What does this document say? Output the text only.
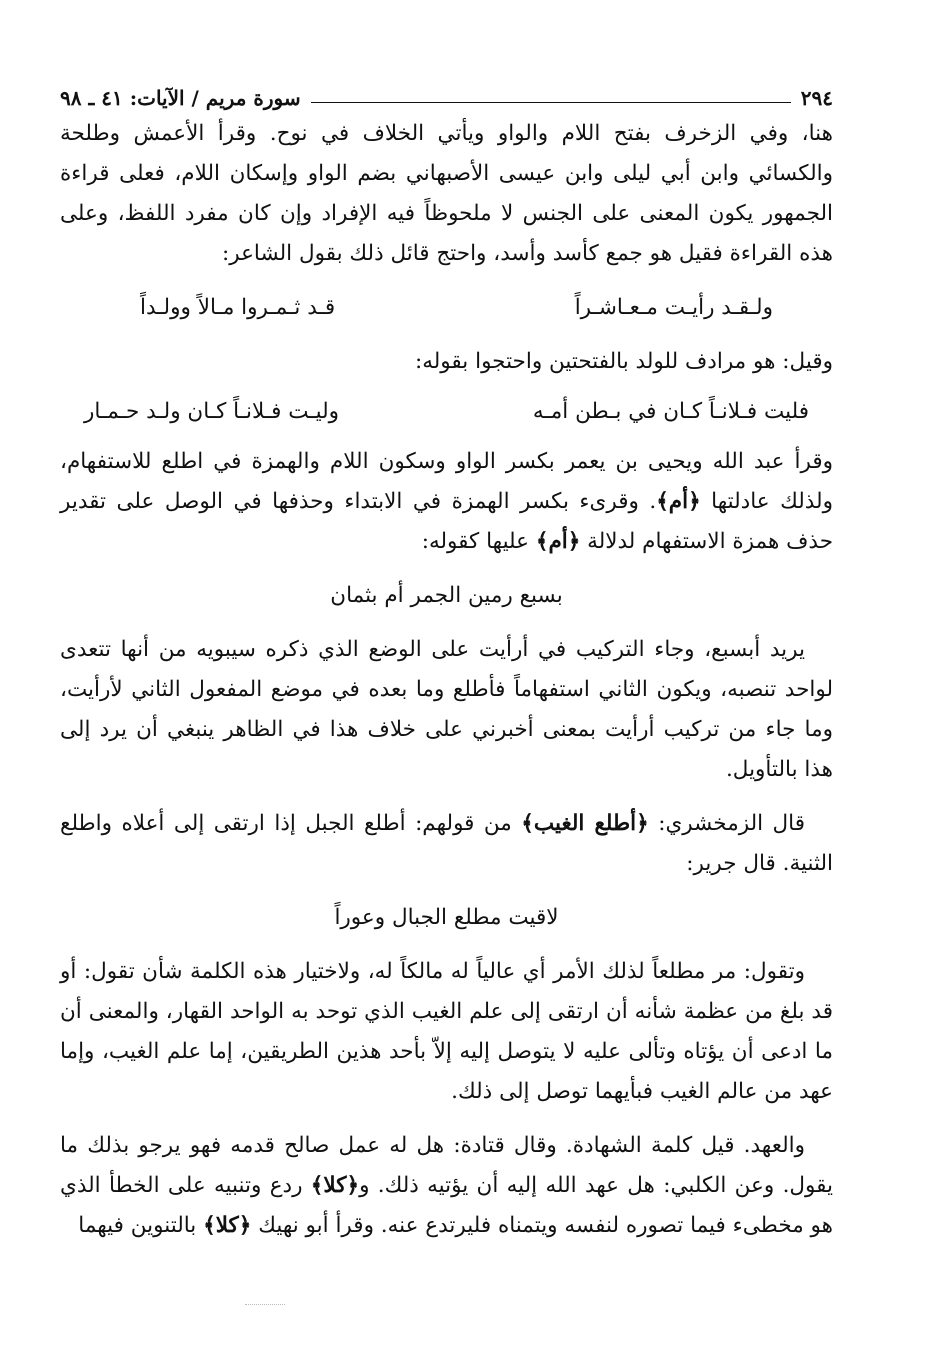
٢٩٤
سورة مريم / الآيات: ٤١ ـ ٩٨

هنا، وفي الزخرف بفتح اللام والواو ويأتي الخلاف في نوح. وقرأ الأعمش وطلحة والكسائي وابن أبي ليلى وابن عيسى الأصبهاني بضم الواو وإسكان اللام، فعلى قراءة الجمهور يكون المعنى على الجنس لا ملحوظاً فيه الإفراد وإن كان مفرد اللفظ، وعلى هذه القراءة فقيل هو جمع كأسد وأسد، واحتج قائل ذلك بقول الشاعر:

ولـقـد رأيـت مـعـاشـراً
قـد ثـمـروا مـالاً وولـداً

وقيل: هو مرادف للولد بالفتحتين واحتجوا بقوله:

فليت فـلانـاً كـان في بـطن أمـه
وليـت فـلانـاً كـان ولـد حـمـار

وقرأ عبد الله ويحيى بن يعمر بكسر الواو وسكون اللام والهمزة في اطلع للاستفهام، ولذلك عادلتها ﴿أم﴾. وقرىء بكسر الهمزة في الابتداء وحذفها في الوصل على تقدير حذف همزة الاستفهام لدلالة ﴿أم﴾ عليها كقوله:

بسبع رمين الجمر أم بثمان

يريد أبسبع، وجاء التركيب في أرأيت على الوضع الذي ذكره سيبويه من أنها تتعدى لواحد تنصبه، ويكون الثاني استفهاماً فأطلع وما بعده في موضع المفعول الثاني لأرأيت، وما جاء من تركيب أرأيت بمعنى أخبرني على خلاف هذا في الظاهر ينبغي أن يرد إلى هذا بالتأويل.

قال الزمخشري: ﴿أطلع الغيب﴾ من قولهم: أطلع الجبل إذا ارتقى إلى أعلاه واطلع الثنية. قال جرير:

لاقيت مطلع الجبال وعوراً

وتقول: مر مطلعاً لذلك الأمر أي عالياً له مالكاً له، ولاختيار هذه الكلمة شأن تقول: أو قد بلغ من عظمة شأنه أن ارتقى إلى علم الغيب الذي توحد به الواحد القهار، والمعنى أن ما ادعى أن يؤتاه وتألى عليه لا يتوصل إليه إلاّ بأحد هذين الطريقين، إما علم الغيب، وإما عهد من عالم الغيب فبأيهما توصل إلى ذلك.

والعهد. قيل كلمة الشهادة. وقال قتادة: هل له عمل صالح قدمه فهو يرجو بذلك ما يقول. وعن الكلبي: هل عهد الله إليه أن يؤتيه ذلك. و﴿كلا﴾ ردع وتنبيه على الخطأ الذي هو مخطىء فيما تصوره لنفسه ويتمناه فليرتدع عنه. وقرأ أبو نهيك ﴿كلا﴾ بالتنوين فيهما
